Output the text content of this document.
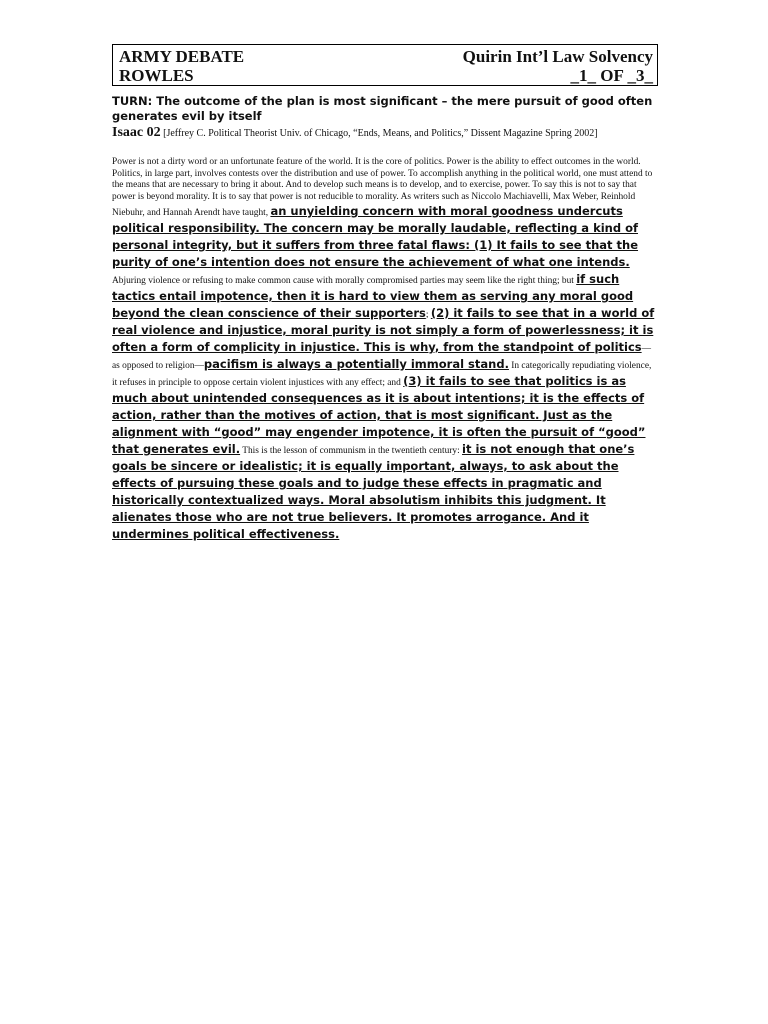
ARMY DEBATE
ROWLES
Quirin Int’l Law Solvency
_1_ OF _3_
TURN: The outcome of the plan is most significant – the mere pursuit of good often generates evil by itself
Isaac 02 [Jeffrey C. Political Theorist Univ. of Chicago, “Ends, Means, and Politics,” Dissent Magazine Spring 2002]
Power is not a dirty word or an unfortunate feature of the world. It is the core of politics. Power is the ability to effect outcomes in the world. Politics, in large part, involves contests over the distribution and use of power. To accomplish anything in the political world, one must attend to the means that are necessary to bring it about. And to develop such means is to develop, and to exercise, power. To say this is not to say that power is beyond morality. It is to say that power is not reducible to morality. As writers such as Niccolo Machiavelli, Max Weber, Reinhold Niebuhr, and Hannah Arendt have taught, an unyielding concern with moral goodness undercuts political responsibility. The concern may be morally laudable, reflecting a kind of personal integrity, but it suffers from three fatal flaws: (1) It fails to see that the purity of one’s intention does not ensure the achievement of what one intends. Abjuring violence or refusing to make common cause with morally compromised parties may seem like the right thing; but if such tactics entail impotence, then it is hard to view them as serving any moral good beyond the clean conscience of their supporters; (2) it fails to see that in a world of real violence and injustice, moral purity is not simply a form of powerlessness; it is often a form of complicity in injustice. This is why, from the standpoint of politics— as opposed to religion—pacifism is always a potentially immoral stand. In categorically repudiating violence, it refuses in principle to oppose certain violent injustices with any effect; and (3) it fails to see that politics is as much about unintended consequences as it is about intentions; it is the effects of action, rather than the motives of action, that is most significant. Just as the alignment with “good” may engender impotence, it is often the pursuit of “good” that generates evil. This is the lesson of communism in the twentieth century: it is not enough that one’s goals be sincere or idealistic; it is equally important, always, to ask about the effects of pursuing these goals and to judge these effects in pragmatic and historically contextualized ways. Moral absolutism inhibits this judgment. It alienates those who are not true believers. It promotes arrogance. And it undermines political effectiveness.
